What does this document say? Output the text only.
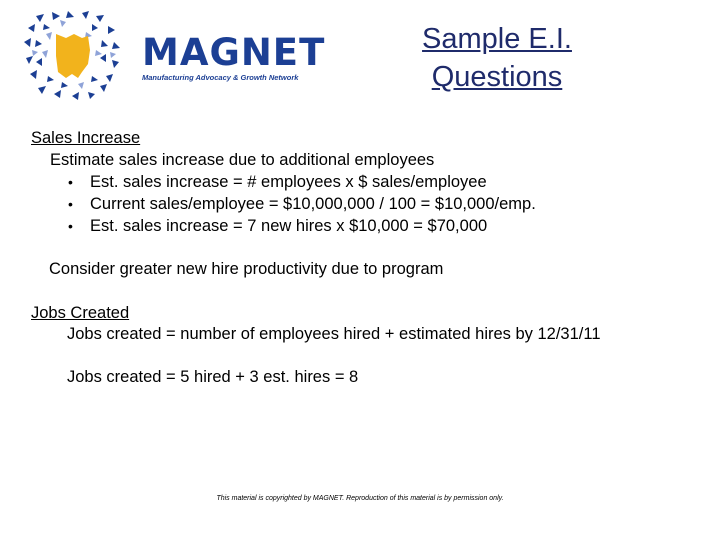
MAGNET
Manufacturing Advocacy & Growth Network
Sample E.I.
Questions
Sales Increase
Estimate sales increase due to additional employees
• Est. sales increase = # employees x $ sales/employee
• Current sales/employee = $10,000,000 / 100 = $10,000/emp.
• Est. sales increase = 7 new hires x $10,000 = $70,000
Consider greater new hire productivity due to program
Jobs Created
Jobs created = number of employees hired + estimated hires by 12/31/11
Jobs created = 5 hired + 3 est. hires = 8
This material is copyrighted by MAGNET. Reproduction of this material is by permission only.
